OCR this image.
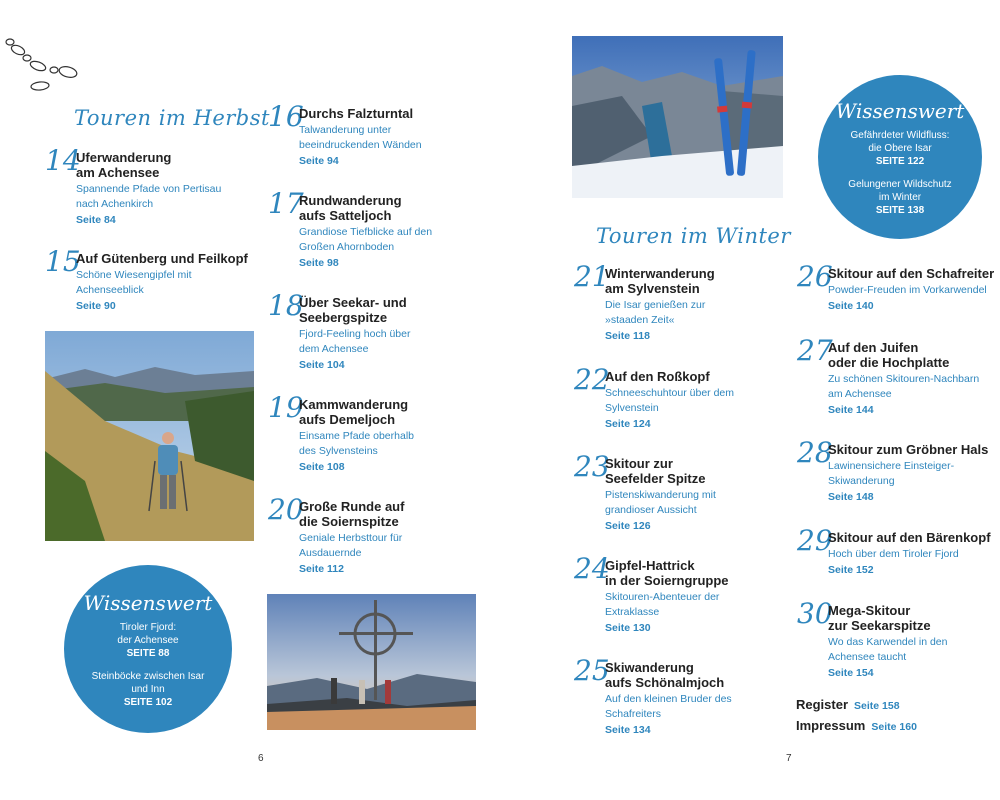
Touren im Herbst
14
Uferwanderung
am Achensee
Spannende Pfade von Pertisau
nach Achenkirch
Seite 84
15
Auf Gütenberg und Feilkopf
Schöne Wiesengipfel mit
Achenseeblick
Seite 90
16
Durchs Falzturntal
Talwanderung unter
beeindruckenden Wänden
Seite 94
17
Rundwanderung
aufs Satteljoch
Grandiose Tiefblicke auf den
Großen Ahornboden
Seite 98
18
Über Seekar- und
Seebergspitze
Fjord-Feeling hoch über
dem Achensee
Seite 104
19
Kammwanderung
aufs Demeljoch
Einsame Pfade oberhalb
des Sylvensteins
Seite 108
20
Große Runde auf
die Soiernspitze
Geniale Herbsttour für
Ausdauernde
Seite 112
Wissenswert
Tiroler Fjord:
der Achensee
SEITE 88
Steinböcke zwischen Isar
und Inn
SEITE 102
6
Wissenswert
Gefährdeter Wildfluss:
die Obere Isar
SEITE 122
Gelungener Wildschutz
im Winter
SEITE 138
Touren im Winter
21
Winterwanderung
am Sylvenstein
Die Isar genießen zur
»staaden Zeit«
Seite 118
22
Auf den Roßkopf
Schneeschuhtour über dem
Sylvenstein
Seite 124
23
Skitour zur
Seefelder Spitze
Pistenskiwanderung mit
grandioser Aussicht
Seite 126
24
Gipfel-Hattrick
in der Soierngruppe
Skitouren-Abenteuer der
Extraklasse
Seite 130
25
Skiwanderung
aufs Schönalmjoch
Auf den kleinen Bruder des
Schafreiters
Seite 134
26
Skitour auf den Schafreiter
Powder-Freuden im Vorkarwendel
Seite 140
27
Auf den Juifen
oder die Hochplatte
Zu schönen Skitouren-Nachbarn
am Achensee
Seite 144
28
Skitour zum Gröbner Hals
Lawinensichere Einsteiger-
Skiwanderung
Seite 148
29
Skitour auf den Bärenkopf
Hoch über dem Tiroler Fjord
Seite 152
30
Mega-Skitour
zur Seekarspitze
Wo das Karwendel in den
Achensee taucht
Seite 154
Register Seite 158
Impressum Seite 160
7
